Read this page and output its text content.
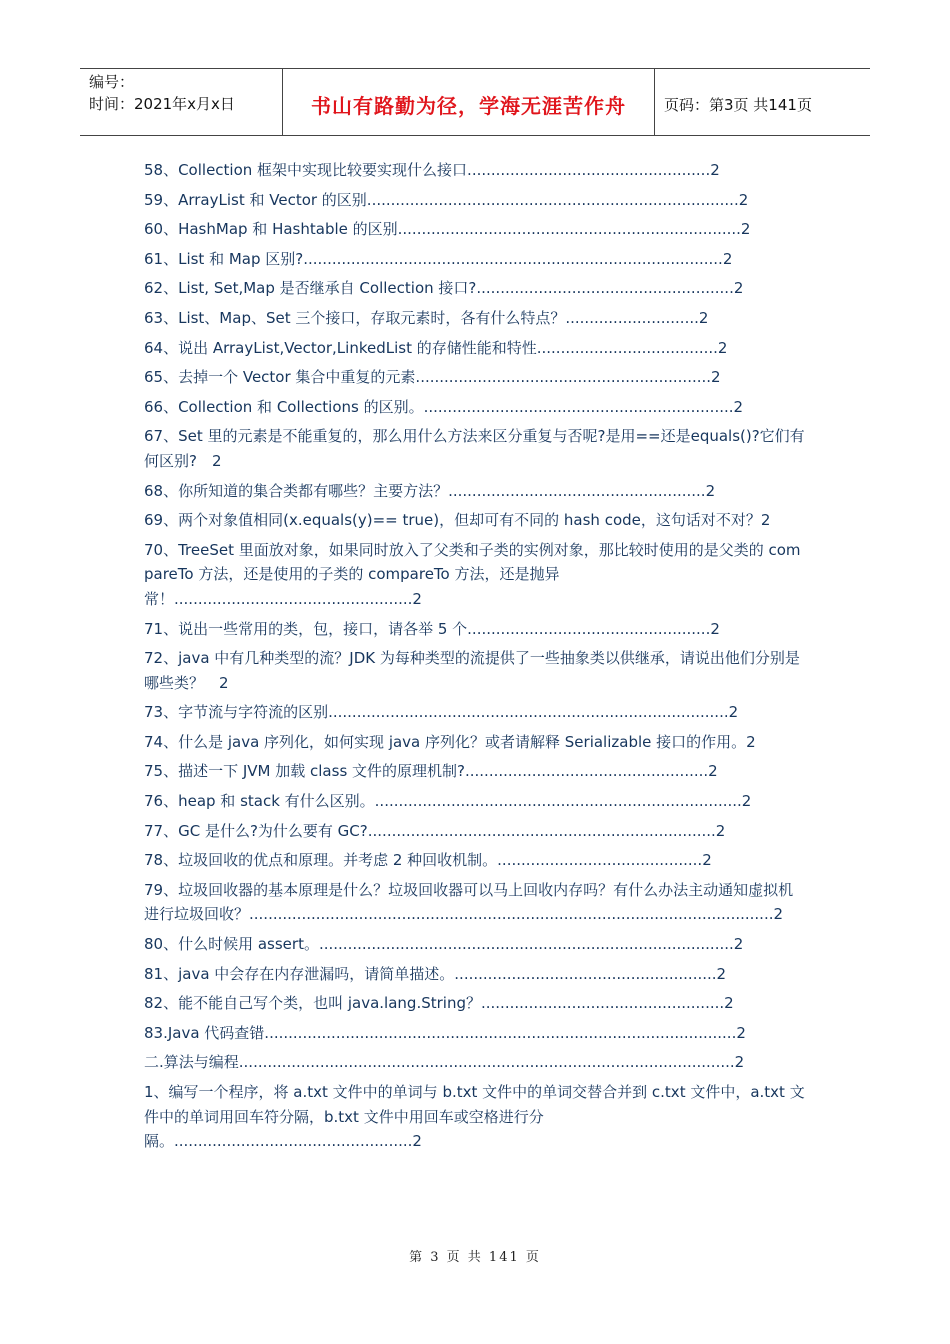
编号：
时间：2021年x月x日	书山有路勤为径，学海无涯苦作舟	页码：第3页 共141页
58、Collection 框架中实现比较要实现什么接口...................................................2
59、ArrayList 和 Vector 的区别..............................................................................2
60、HashMap 和 Hashtable 的区别........................................................................2
61、List 和 Map 区别?........................................................................................2
62、List, Set,Map 是否继承自 Collection 接口?......................................................2
63、List、Map、Set 三个接口，存取元素时，各有什么特点？............................2
64、说出 ArrayList,Vector,LinkedList 的存储性能和特性......................................2
65、去掉一个 Vector 集合中重复的元素..............................................................2
66、Collection 和 Collections 的区别。.................................................................2
67、Set 里的元素是不能重复的，那么用什么方法来区分重复与否呢?是用==还是equals()?它们有何区别?　2
68、你所知道的集合类都有哪些？主要方法？......................................................2
69、两个对象值相同(x.equals(y)== true)，但却可有不同的 hash code，这句话对不对？2
70、TreeSet 里面放对象，如果同时放入了父类和子类的实例对象，那比较时使用的是父类的 compareTo 方法，还是使用的子类的 compareTo 方法，还是抛异常！..................................................2
71、说出一些常用的类，包，接口，请各举 5 个...................................................2
72、java 中有几种类型的流？JDK 为每种类型的流提供了一些抽象类以供继承，请说出他们分别是哪些类？　2
73、字节流与字符流的区别....................................................................................2
74、什么是 java 序列化，如何实现 java 序列化？或者请解释 Serializable 接口的作用。2
75、描述一下 JVM 加载 class 文件的原理机制?...................................................2
76、heap 和 stack 有什么区别。.............................................................................2
77、GC 是什么?为什么要有 GC?.........................................................................2
78、垃圾回收的优点和原理。并考虑 2 种回收机制。...........................................2
79、垃圾回收器的基本原理是什么？垃圾回收器可以马上回收内存吗？有什么办法主动通知虚拟机进行垃圾回收？..............................................................................................................2
80、什么时候用 assert。.......................................................................................2
81、java 中会存在内存泄漏吗，请简单描述。.......................................................2
82、能不能自己写个类，也叫 java.lang.String？...................................................2
83.Java 代码查错...................................................................................................2
二.算法与编程........................................................................................................2
1、编写一个程序，将 a.txt 文件中的单词与 b.txt 文件中的单词交替合并到 c.txt 文件中，a.txt 文件中的单词用回车符分隔，b.txt 文件中用回车或空格进行分隔。..................................................2
第 3 页 共 141 页
